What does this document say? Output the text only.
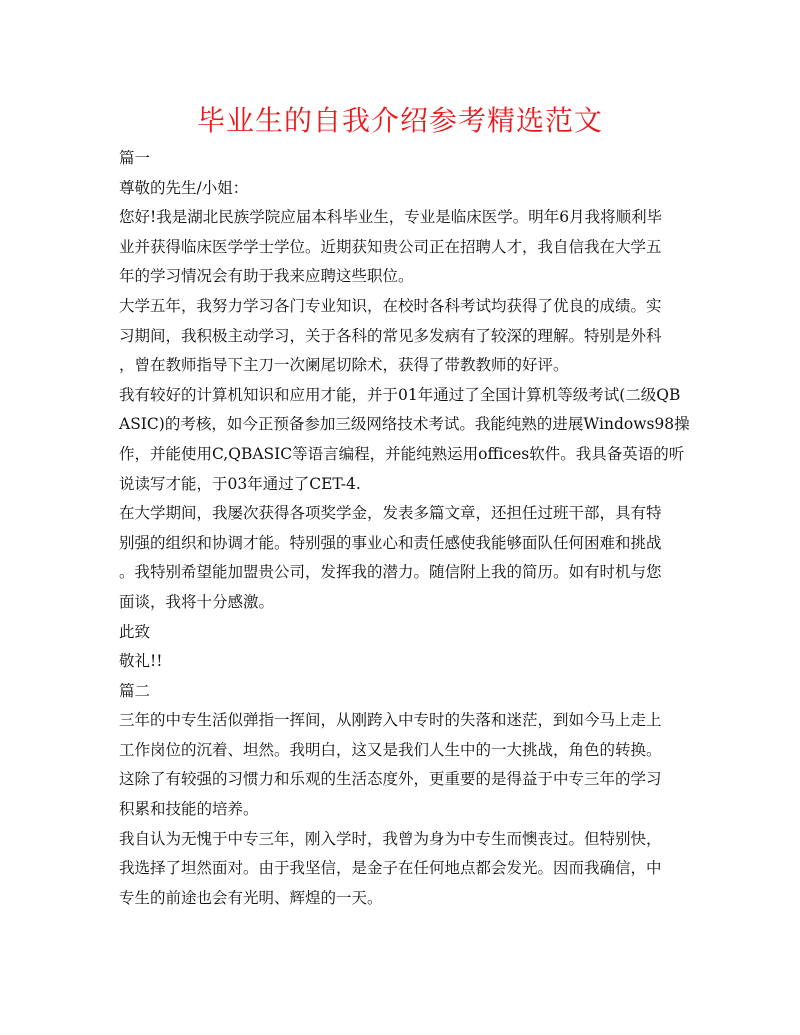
毕业生的自我介绍参考精选范文
篇一
尊敬的先生/小姐：
您好!我是湖北民族学院应届本科毕业生，专业是临床医学。明年6月我将顺利毕
业并获得临床医学学士学位。近期获知贵公司正在招聘人才，我自信我在大学五
年的学习情况会有助于我来应聘这些职位。
大学五年，我努力学习各门专业知识，在校时各科考试均获得了优良的成绩。实
习期间，我积极主动学习，关于各科的常见多发病有了较深的理解。特别是外科
，曾在教师指导下主刀一次阑尾切除术，获得了带教教师的好评。
我有较好的计算机知识和应用才能，并于01年通过了全国计算机等级考试(二级QB
ASIC)的考核，如今正预备参加三级网络技术考试。我能纯熟的进展Windows98操
作，并能使用C,QBASIC等语言编程，并能纯熟运用offices软件。我具备英语的听
说读写才能，于03年通过了CET-4.
在大学期间，我屡次获得各项奖学金，发表多篇文章，还担任过班干部，具有特
别强的组织和协调才能。特别强的事业心和责任感使我能够面队任何困难和挑战
。我特别希望能加盟贵公司，发挥我的潜力。随信附上我的简历。如有时机与您
面谈，我将十分感激。
此致
敬礼!!
篇二
三年的中专生活似弹指一挥间，从刚跨入中专时的失落和迷茫，到如今马上走上
工作岗位的沉着、坦然。我明白，这又是我们人生中的一大挑战，角色的转换。
这除了有较强的习惯力和乐观的生活态度外，更重要的是得益于中专三年的学习
积累和技能的培养。
我自认为无愧于中专三年，刚入学时，我曾为身为中专生而懊丧过。但特别快，
我选择了坦然面对。由于我坚信，是金子在任何地点都会发光。因而我确信，中
专生的前途也会有光明、辉煌的一天。
